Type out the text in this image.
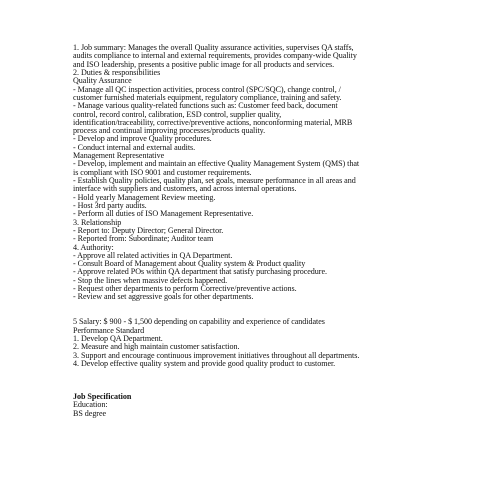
1. Job summary: Manages the overall Quality assurance activities, supervises QA staffs,
audits compliance to internal and external requirements, provides company-wide Quality
and ISO leadership, presents a positive public image for all products and services.
2. Duties & responsibilities
Quality Assurance
- Manage all QC inspection activities, process control (SPC/SQC), change control, /
customer furnished materials equipment, regulatory compliance, training and safety.
- Manage various quality-related functions such as: Customer feed back, document
control, record control, calibration, ESD control, supplier quality,
identification/traceability, corrective/preventive actions, nonconforming material, MRB
process and continual improving processes/products quality.
- Develop and improve Quality procedures.
- Conduct internal and external audits.
Management Representative
- Develop, implement and maintain an effective Quality Management System (QMS) that
is compliant with ISO 9001 and customer requirements.
- Establish Quality policies, quality plan, set goals, measure performance in all areas and
interface with suppliers and customers, and across internal operations.
- Hold yearly Management Review meeting.
- Host 3rd party audits.
- Perform all duties of ISO Management Representative.
3. Relationship
- Report to: Deputy Director; General Director.
- Reported from: Subordinate; Auditor team
4. Authority:
- Approve all related activities in QA Department.
- Consult Board of Management about Quality system & Product quality
- Approve related POs within QA department that satisfy purchasing procedure.
- Stop the lines when massive defects happened.
- Request other departments to perform Corrective/preventive actions.
- Review and set aggressive goals for other departments.
5 Salary: $ 900 - $ 1,500 depending on capability and experience of candidates
Performance Standard
1. Develop QA Department.
2. Measure and high maintain customer satisfaction.
3. Support and encourage continuous improvement initiatives throughout all departments.
4. Develop effective quality system and provide good quality product to customer.
Job Specification
Education:
BS degree
